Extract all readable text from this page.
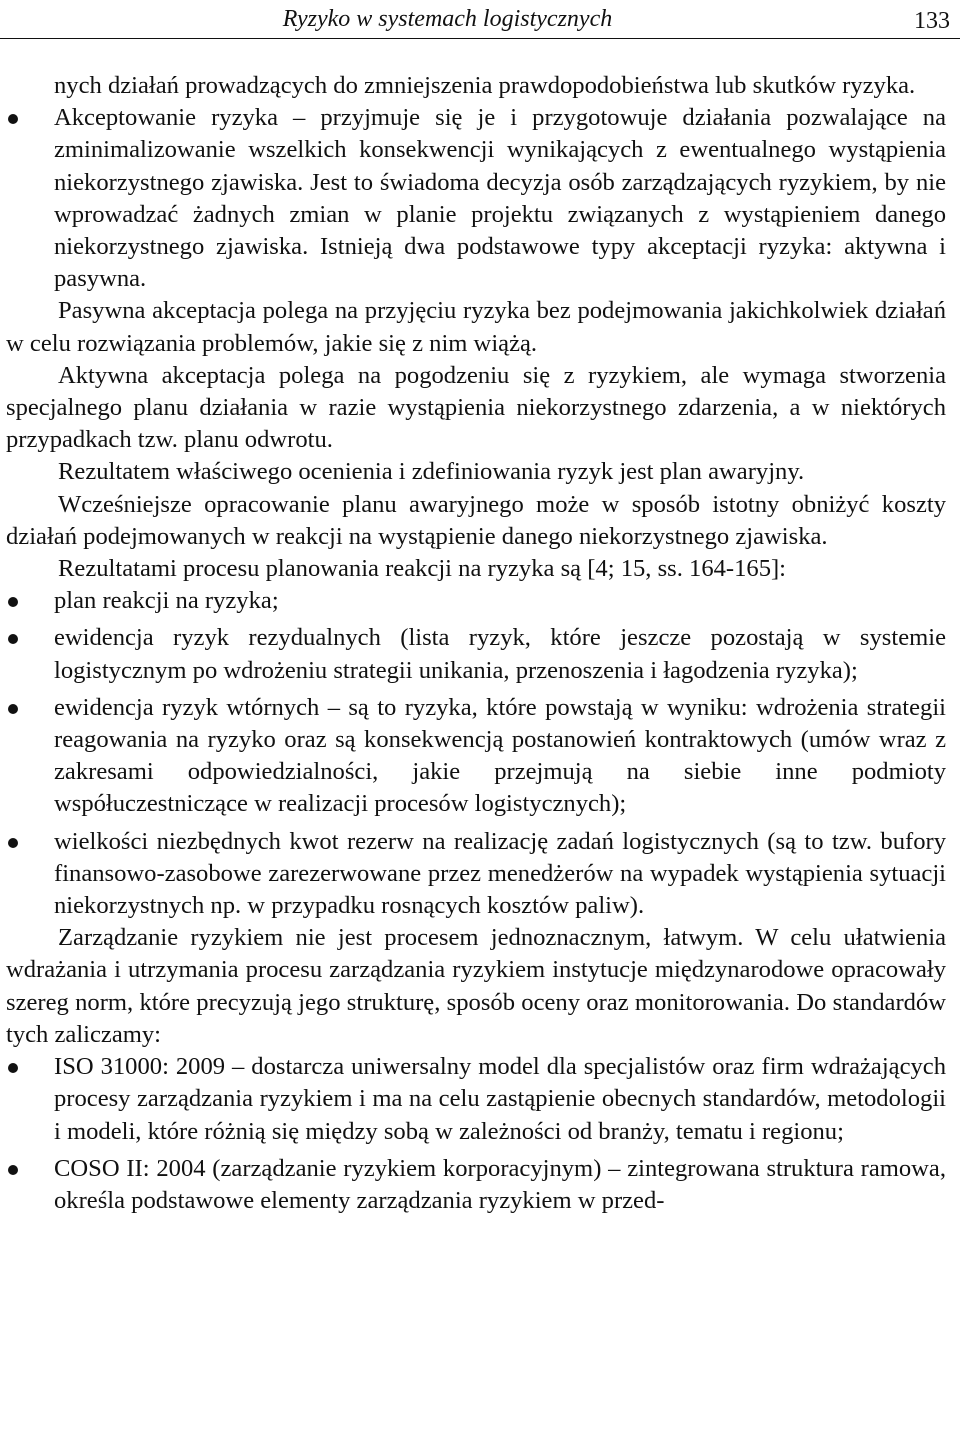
Ryzyko w systemach logistycznych	133

nych działań prowadzących do zmniejszenia prawdopodobieństwa lub skutków ryzyka.

Akceptowanie ryzyka – przyjmuje się je i przygotowuje działania pozwalające na zminimalizowanie wszelkich konsekwencji wynikających z ewentualnego wystąpienia niekorzystnego zjawiska. Jest to świadoma decyzja osób zarządzających ryzykiem, by nie wprowadzać żadnych zmian w planie projektu związanych z wystąpieniem danego niekorzystnego zjawiska. Istnieją dwa podstawowe typy akceptacji ryzyka: aktywna i pasywna.

Pasywna akceptacja polega na przyjęciu ryzyka bez podejmowania jakichkolwiek działań w celu rozwiązania problemów, jakie się z nim wiążą.

Aktywna akceptacja polega na pogodzeniu się z ryzykiem, ale wymaga stworzenia specjalnego planu działania w razie wystąpienia niekorzystnego zdarzenia, a w niektórych przypadkach tzw. planu odwrotu.

Rezultatem właściwego ocenienia i zdefiniowania ryzyk jest plan awaryjny.

Wcześniejsze opracowanie planu awaryjnego może w sposób istotny obniżyć koszty działań podejmowanych w reakcji na wystąpienie danego niekorzystnego zjawiska.

Rezultatami procesu planowania reakcji na ryzyka są [4; 15, ss. 164-165]:

plan reakcji na ryzyka;
ewidencja ryzyk rezydualnych (lista ryzyk, które jeszcze pozostają w systemie logistycznym po wdrożeniu strategii unikania, przenoszenia i łagodzenia ryzyka);
ewidencja ryzyk wtórnych – są to ryzyka, które powstają w wyniku: wdrożenia strategii reagowania na ryzyko oraz są konsekwencją postanowień kontraktowych (umów wraz z zakresami odpowiedzialności, jakie przejmują na siebie inne podmioty współuczestniczące w realizacji procesów logistycznych);
wielkości niezbędnych kwot rezerw na realizację zadań logistycznych (są to tzw. bufory finansowo-zasobowe zarezerwowane przez menedżerów na wypadek wystąpienia sytuacji niekorzystnych np. w przypadku rosnących kosztów paliw).

Zarządzanie ryzykiem nie jest procesem jednoznacznym, łatwym. W celu ułatwienia wdrażania i utrzymania procesu zarządzania ryzykiem instytucje międzynarodowe opracowały szereg norm, które precyzują jego strukturę, sposób oceny oraz monitorowania. Do standardów tych zaliczamy:

ISO 31000: 2009 – dostarcza uniwersalny model dla specjalistów oraz firm wdrażających procesy zarządzania ryzykiem i ma na celu zastąpienie obecnych standardów, metodologii i modeli, które różnią się między sobą w zależności od branży, tematu i regionu;
COSO II: 2004 (zarządzanie ryzykiem korporacyjnym) – zintegrowana struktura ramowa, określa podstawowe elementy zarządzania ryzykiem w przed-
